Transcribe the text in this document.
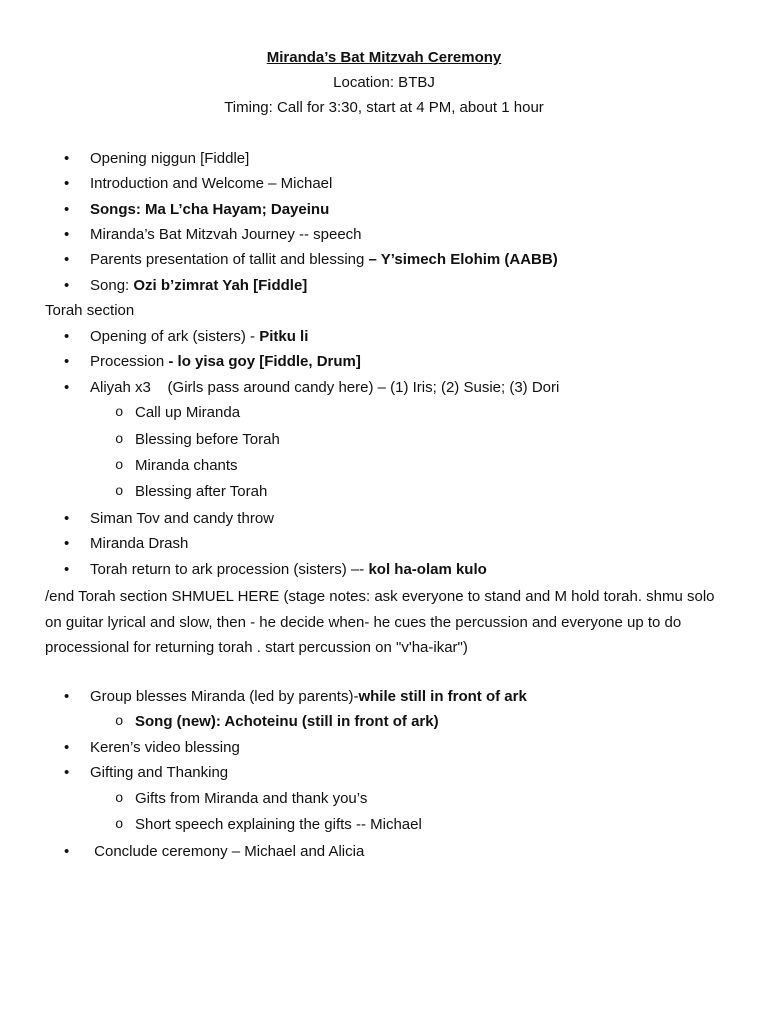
Miranda’s Bat Mitzvah Ceremony
Location: BTBJ
Timing: Call for 3:30, start at 4 PM, about 1 hour
• Opening niggun [Fiddle]
• Introduction and Welcome – Michael
• Songs: Ma L’cha Hayam; Dayeinu
• Miranda’s Bat Mitzvah Journey -- speech
• Parents presentation of tallit and blessing – Y’simech Elohim (AABB)
• Song: Ozi b’zimrat Yah [Fiddle]
Torah section
• Opening of ark (sisters) - Pitku li
• Procession - lo yisa goy [Fiddle, Drum]
• Aliyah x3    (Girls pass around candy here) – (1) Iris; (2) Susie; (3) Dori
o Call up Miranda
o Blessing before Torah
o Miranda chants
o Blessing after Torah
• Siman Tov and candy throw
• Miranda Drash
• Torah return to ark procession (sisters) –- kol ha-olam kulo
/end Torah section SHMUEL HERE (stage notes: ask everyone to stand and M hold torah. shmu solo on guitar lyrical and slow, then - he decide when- he cues the percussion and everyone up to do processional for returning torah . start percussion on "v'ha-ikar")
• Group blesses Miranda (led by parents)-while still in front of ark
o Song (new): Achoteinu (still in front of ark)
• Keren’s video blessing
• Gifting and Thanking
o Gifts from Miranda and thank you’s
o Short speech explaining the gifts -- Michael
• Conclude ceremony – Michael and Alicia
